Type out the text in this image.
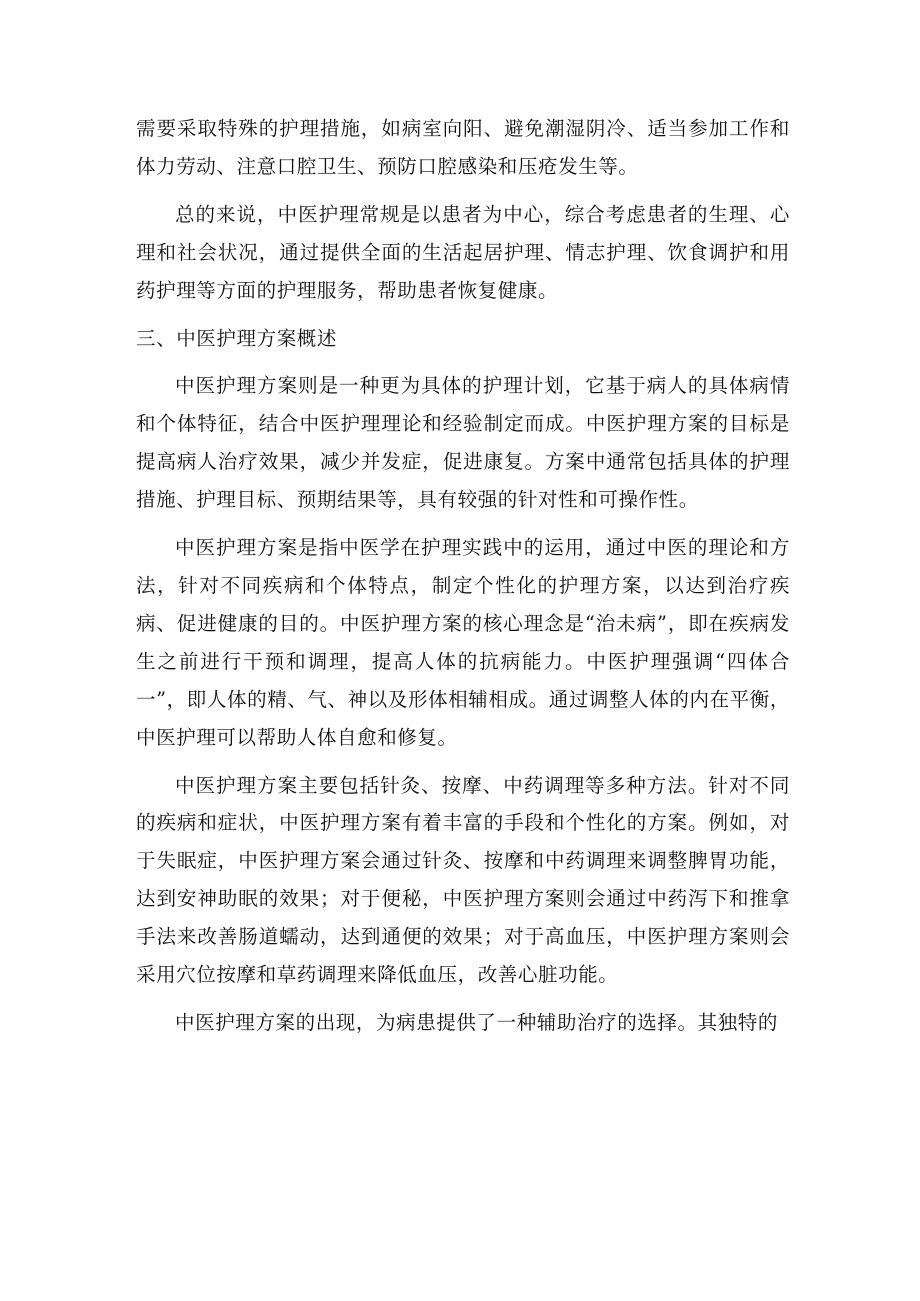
需要采取特殊的护理措施，如病室向阳、避免潮湿阴冷、适当参加工作和体力劳动、注意口腔卫生、预防口腔感染和压疮发生等。

总的来说，中医护理常规是以患者为中心，综合考虑患者的生理、心理和社会状况，通过提供全面的生活起居护理、情志护理、饮食调护和用药护理等方面的护理服务，帮助患者恢复健康。

三、中医护理方案概述

中医护理方案则是一种更为具体的护理计划，它基于病人的具体病情和个体特征，结合中医护理理论和经验制定而成。中医护理方案的目标是提高病人治疗效果，减少并发症，促进康复。方案中通常包括具体的护理措施、护理目标、预期结果等，具有较强的针对性和可操作性。

中医护理方案是指中医学在护理实践中的运用，通过中医的理论和方法，针对不同疾病和个体特点，制定个性化的护理方案，以达到治疗疾病、促进健康的目的。中医护理方案的核心理念是“治未病”，即在疾病发生之前进行干预和调理，提高人体的抗病能力。中医护理强调“四体合一”，即人体的精、气、神以及形体相辅相成。通过调整人体的内在平衡，中医护理可以帮助人体自愈和修复。

中医护理方案主要包括针灸、按摩、中药调理等多种方法。针对不同的疾病和症状，中医护理方案有着丰富的手段和个性化的方案。例如，对于失眠症，中医护理方案会通过针灸、按摩和中药调理来调整脾胃功能，达到安神助眠的效果；对于便秘，中医护理方案则会通过中药泻下和推拿手法来改善肠道蠕动，达到通便的效果；对于高血压，中医护理方案则会采用穴位按摩和草药调理来降低血压，改善心脏功能。

中医护理方案的出现，为病患提供了一种辅助治疗的选择。其独特的
